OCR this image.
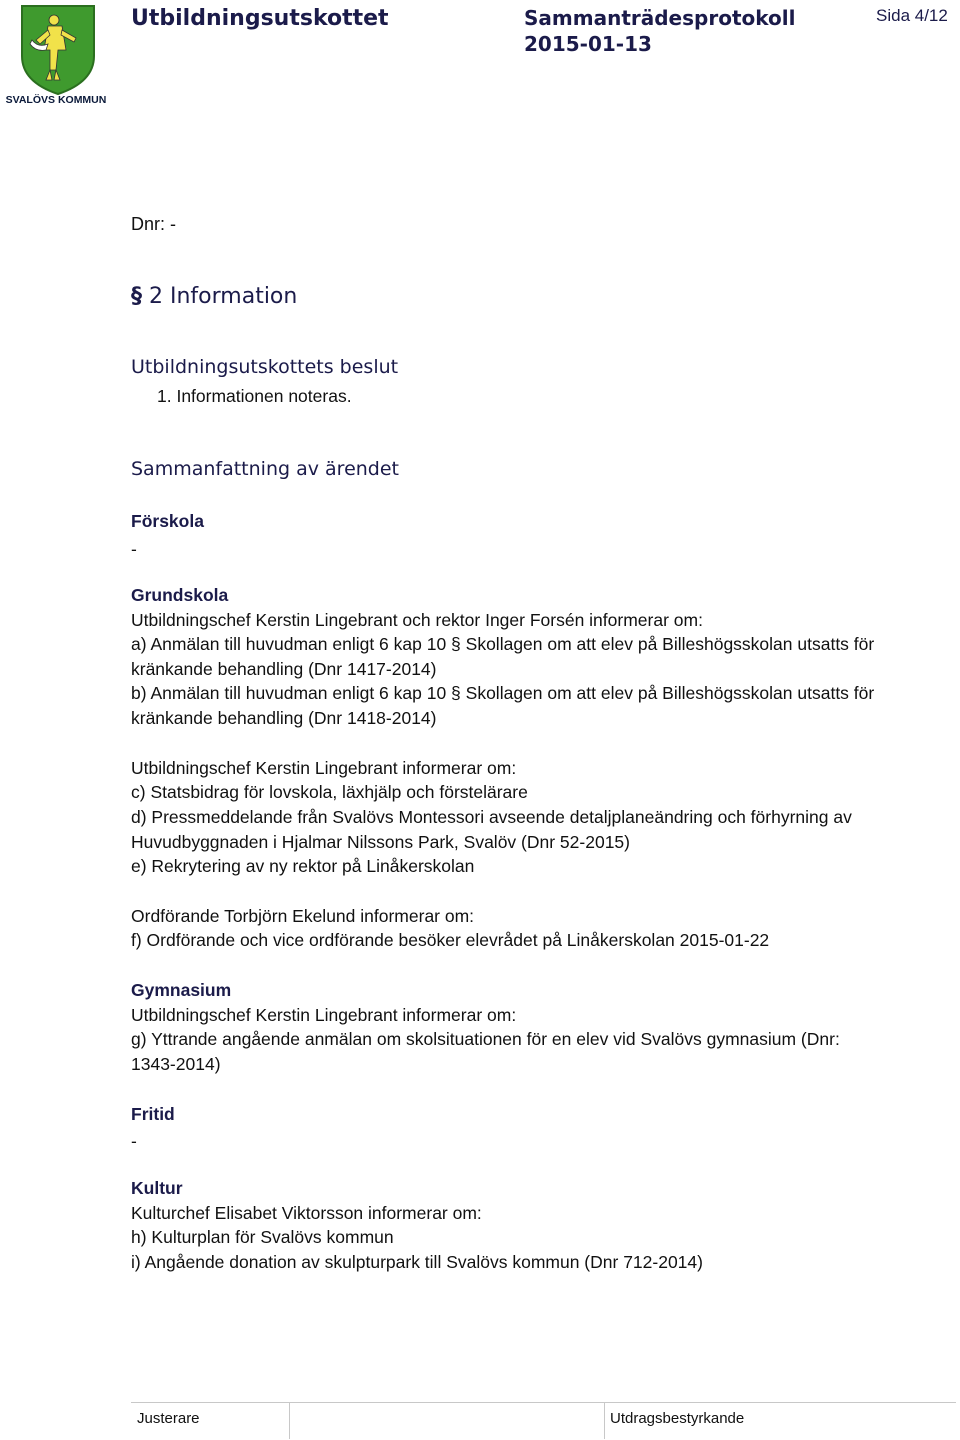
SVALÖVS KOMMUN
Utbildningsutskottet	Sammanträdesprotokoll
2015-01-13
Sida 4/12
Dnr: -
§ 2 Information
Utbildningsutskottets beslut
1. Informationen noteras.
Sammanfattning av ärendet
Förskola
-
Grundskola
Utbildningschef Kerstin Lingebrant och rektor Inger Forsén informerar om:
a) Anmälan till huvudman enligt 6 kap 10 § Skollagen om att elev på Billeshögsskolan utsatts för
kränkande behandling (Dnr 1417-2014)
b) Anmälan till huvudman enligt 6 kap 10 § Skollagen om att elev på Billeshögsskolan utsatts för
kränkande behandling (Dnr 1418-2014)
Utbildningschef Kerstin Lingebrant informerar om:
c) Statsbidrag för lovskola, läxhjälp och förstelärare
d) Pressmeddelande från Svalövs Montessori avseende detaljplaneändring och förhyrning av
Huvudbyggnaden i Hjalmar Nilssons Park, Svalöv (Dnr 52-2015)
e) Rekrytering av ny rektor på Linåkerskolan
Ordförande Torbjörn Ekelund informerar om:
f) Ordförande och vice ordförande besöker elevrådet på Linåkerskolan 2015-01-22
Gymnasium
Utbildningschef Kerstin Lingebrant informerar om:
g) Yttrande angående anmälan om skolsituationen för en elev vid Svalövs gymnasium (Dnr:
1343-2014)
Fritid
-
Kultur
Kulturchef Elisabet Viktorsson informerar om:
h) Kulturplan för Svalövs kommun
i) Angående donation av skulpturpark till Svalövs kommun (Dnr 712-2014)
Justerare	Utdragsbestyrkande
